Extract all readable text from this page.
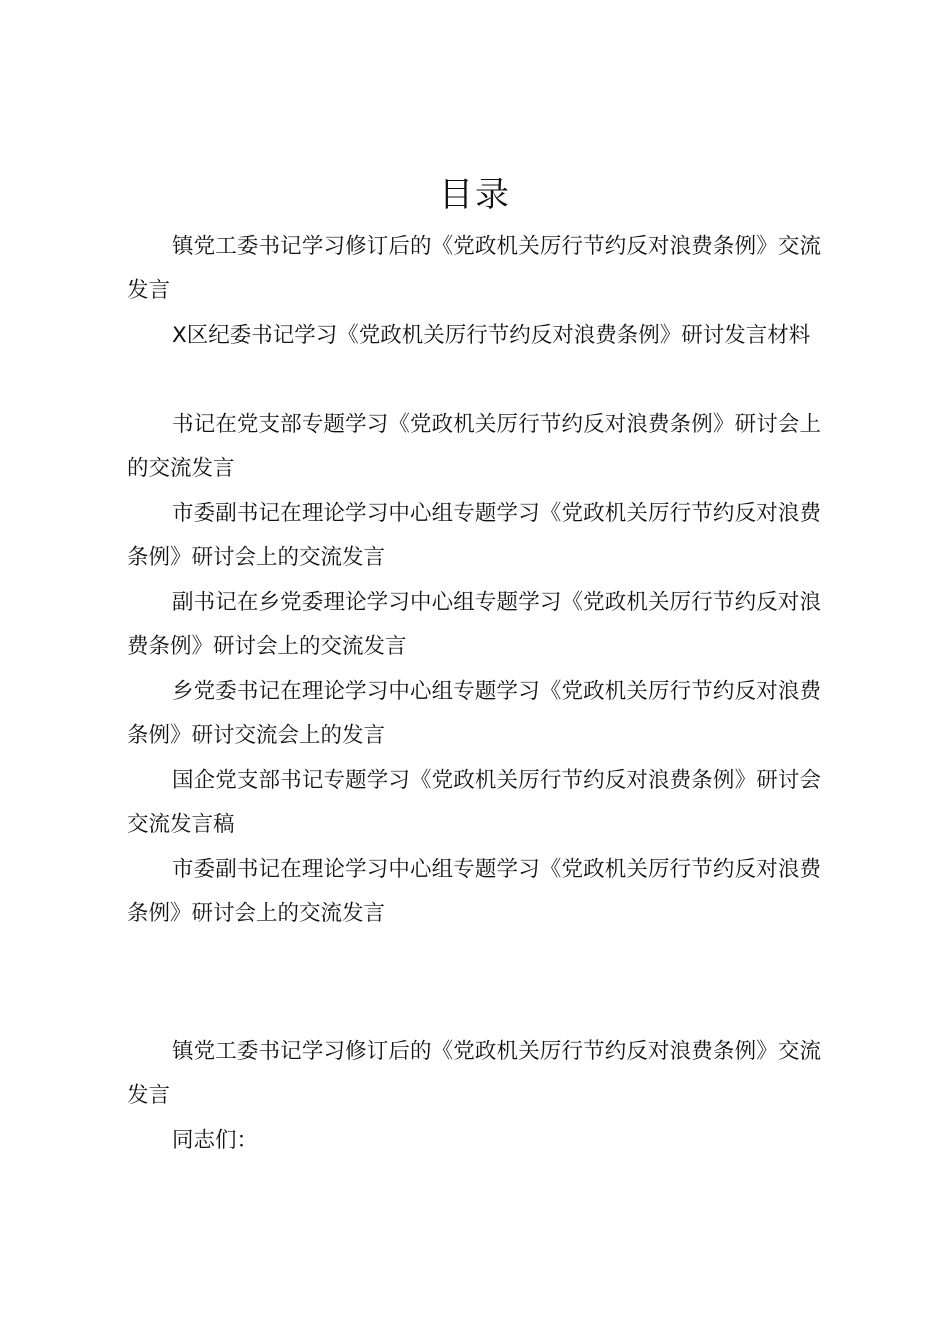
目录
镇党工委书记学习修订后的《党政机关厉行节约反对浪费条例》交流发言
X区纪委书记学习《党政机关厉行节约反对浪费条例》研讨发言材料
书记在党支部专题学习《党政机关厉行节约反对浪费条例》研讨会上的交流发言
市委副书记在理论学习中心组专题学习《党政机关厉行节约反对浪费条例》研讨会上的交流发言
副书记在乡党委理论学习中心组专题学习《党政机关厉行节约反对浪费条例》研讨会上的交流发言
乡党委书记在理论学习中心组专题学习《党政机关厉行节约反对浪费条例》研讨交流会上的发言
国企党支部书记专题学习《党政机关厉行节约反对浪费条例》研讨会交流发言稿
市委副书记在理论学习中心组专题学习《党政机关厉行节约反对浪费条例》研讨会上的交流发言
镇党工委书记学习修订后的《党政机关厉行节约反对浪费条例》交流发言
同志们：
